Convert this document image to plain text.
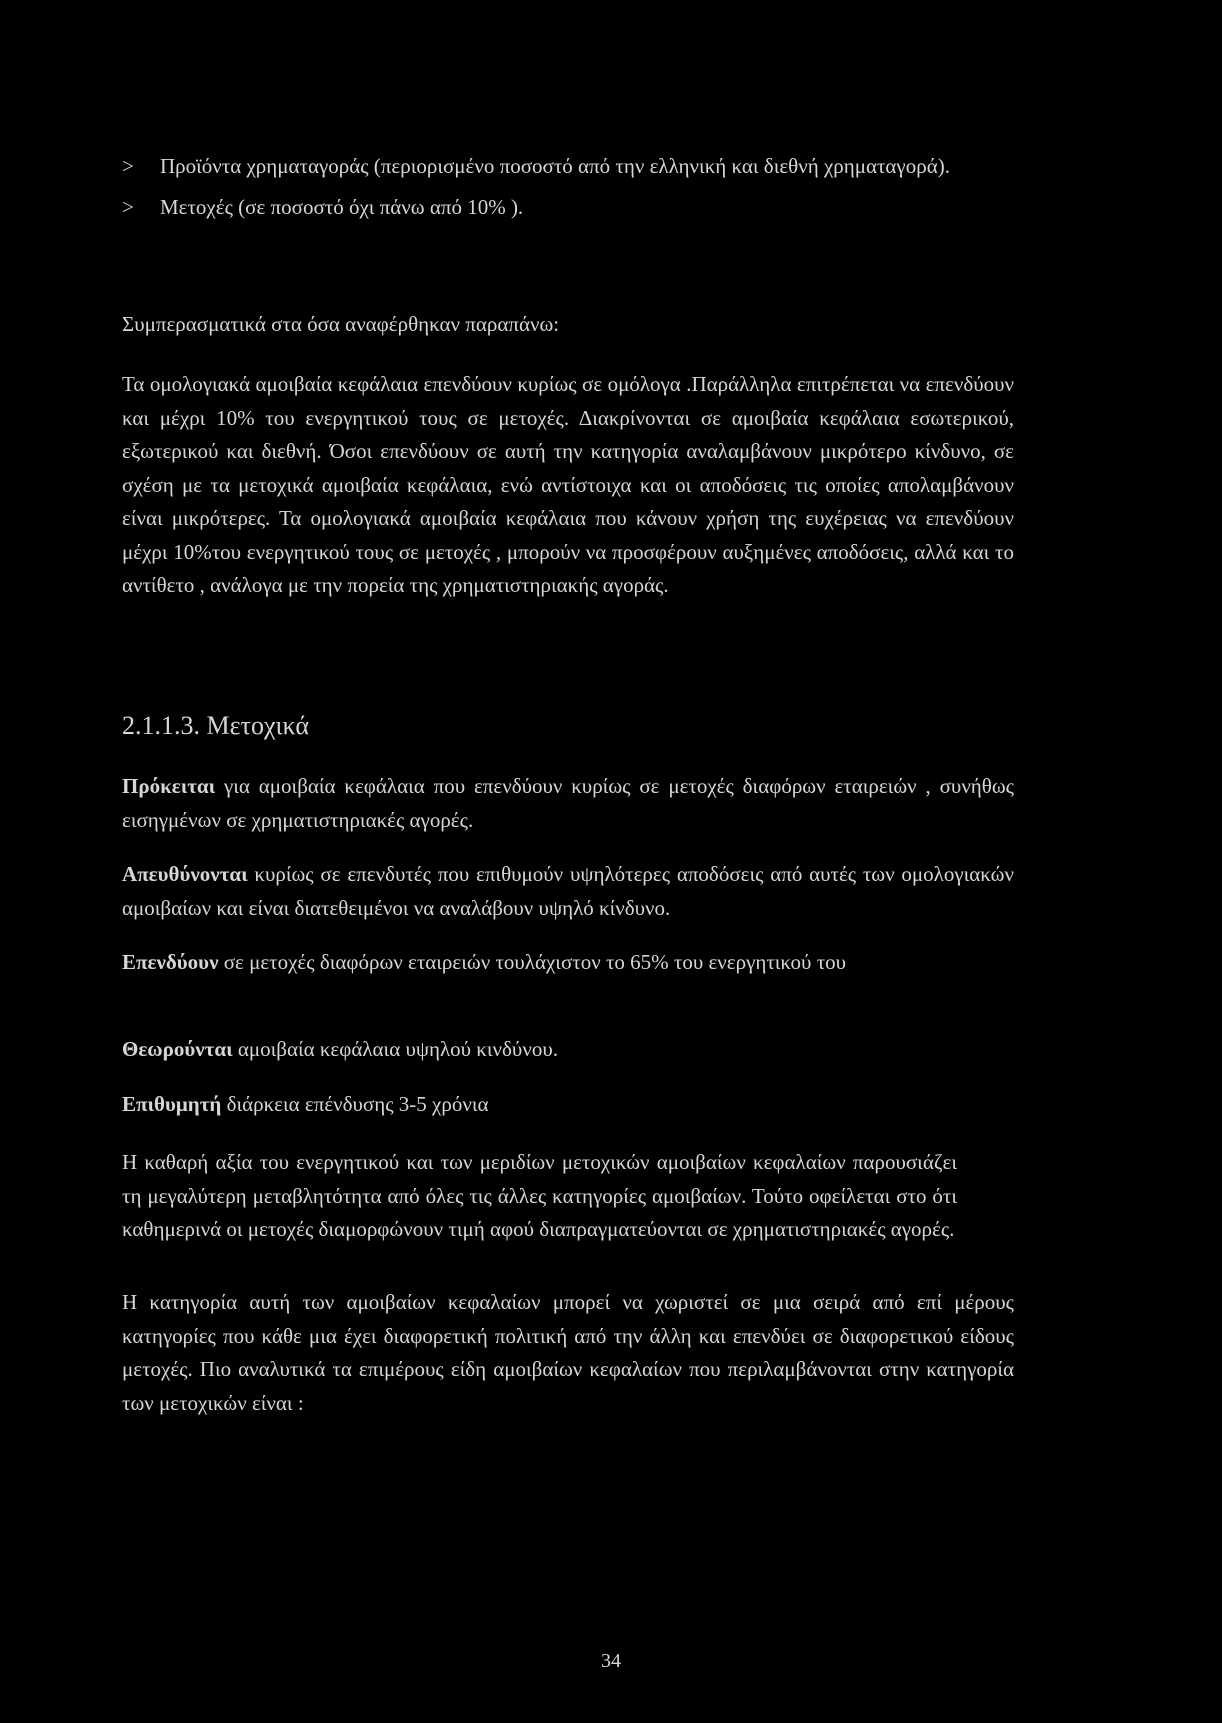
> Προϊόντα χρηματαγοράς (περιορισμένο ποσοστό από την ελληνική και διεθνή χρηματαγορά).
> Μετοχές (σε ποσοστό όχι πάνω από 10% ).

Συμπερασματικά στα όσα αναφέρθηκαν παραπάνω:

Τα ομολογιακά αμοιβαία κεφάλαια επενδύουν κυρίως σε ομόλογα .Παράλληλα επιτρέπεται να επενδύουν και μέχρι 10% του ενεργητικού τους σε μετοχές. Διακρίνονται σε αμοιβαία κεφάλαια εσωτερικού, εξωτερικού και διεθνή. Όσοι επενδύουν σε αυτή την κατηγορία αναλαμβάνουν μικρότερο κίνδυνο, σε σχέση με τα μετοχικά αμοιβαία κεφάλαια, ενώ αντίστοιχα και οι αποδόσεις τις οποίες απολαμβάνουν είναι μικρότερες. Τα ομολογιακά αμοιβαία κεφάλαια που κάνουν χρήση της ευχέρειας να επενδύουν μέχρι 10%του ενεργητικού τους σε μετοχές , μπορούν να προσφέρουν αυξημένες αποδόσεις, αλλά και το αντίθετο , ανάλογα με την πορεία της χρηματιστηριακής αγοράς.

2.1.1.3. Μετοχικά

Πρόκειται για αμοιβαία κεφάλαια που επενδύουν κυρίως σε μετοχές διαφόρων εταιρειών , συνήθως εισηγμένων σε χρηματιστηριακές αγορές.

Απευθύνονται κυρίως σε επενδυτές που επιθυμούν υψηλότερες αποδόσεις από αυτές των ομολογιακών αμοιβαίων και είναι διατεθειμένοι να αναλάβουν υψηλό κίνδυνο.

Επενδύουν σε μετοχές διαφόρων εταιρειών τουλάχιστον το 65% του ενεργητικού του

Θεωρούνται αμοιβαία κεφάλαια υψηλού κινδύνου.

Επιθυμητή διάρκεια επένδυσης 3-5 χρόνια

Η καθαρή αξία του ενεργητικού και των μεριδίων μετοχικών αμοιβαίων κεφαλαίων παρουσιάζει τη μεγαλύτερη μεταβλητότητα από όλες τις άλλες κατηγορίες αμοιβαίων. Τούτο οφείλεται στο ότι καθημερινά οι μετοχές διαμορφώνουν τιμή αφού διαπραγματεύονται σε χρηματιστηριακές αγορές.

Η κατηγορία αυτή των αμοιβαίων κεφαλαίων μπορεί να χωριστεί σε μια σειρά από επί μέρους κατηγορίες που κάθε μια έχει διαφορετική πολιτική από την άλλη και επενδύει σε διαφορετικού είδους μετοχές. Πιο αναλυτικά τα επιμέρους είδη αμοιβαίων κεφαλαίων που περιλαμβάνονται στην κατηγορία των μετοχικών είναι :

34
